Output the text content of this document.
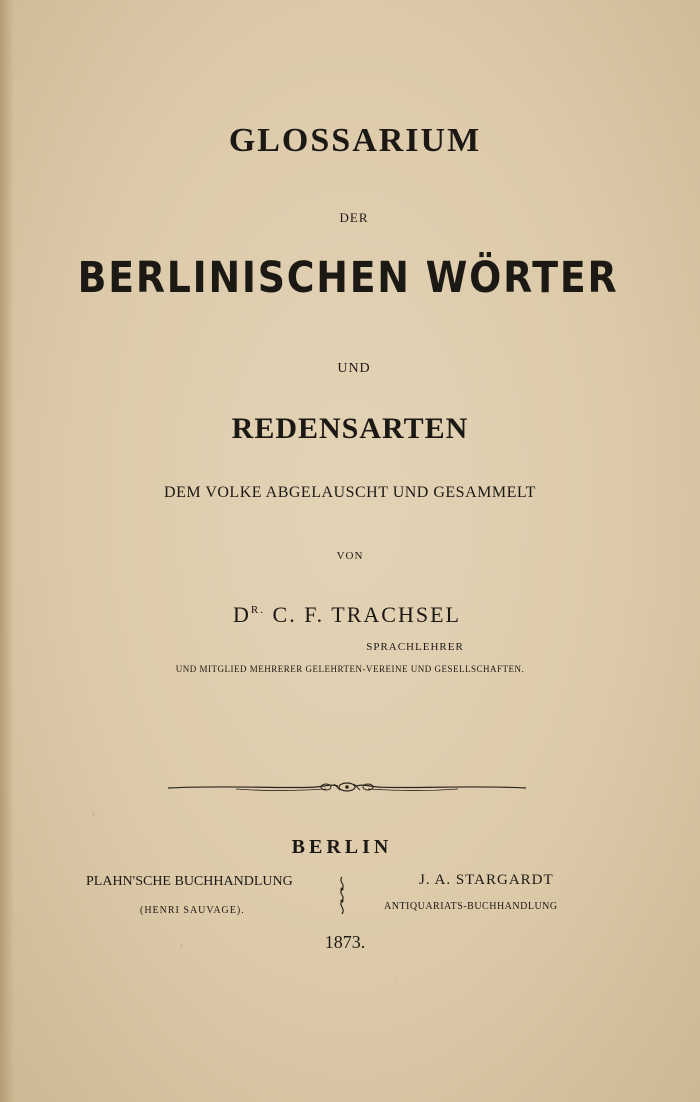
GLOSSARIUM
DER
BERLINISCHEN WÖRTER
UND
REDENSARTEN
DEM VOLKE ABGELAUSCHT UND GESAMMELT
VON
$D^{R.}$ C. F. TRACHSEL
SPRACHLEHRER
UND MITGLIED MEHRERER GELEHRTEN-VEREINE UND GESELLSCHAFTEN.
BERLIN
PLAHN'SCHE BUCHHANDLUNG
(HENRI SAUVAGE).
J. A. STARGARDT
ANTIQUARIATS-BUCHHANDLUNG
1873.
